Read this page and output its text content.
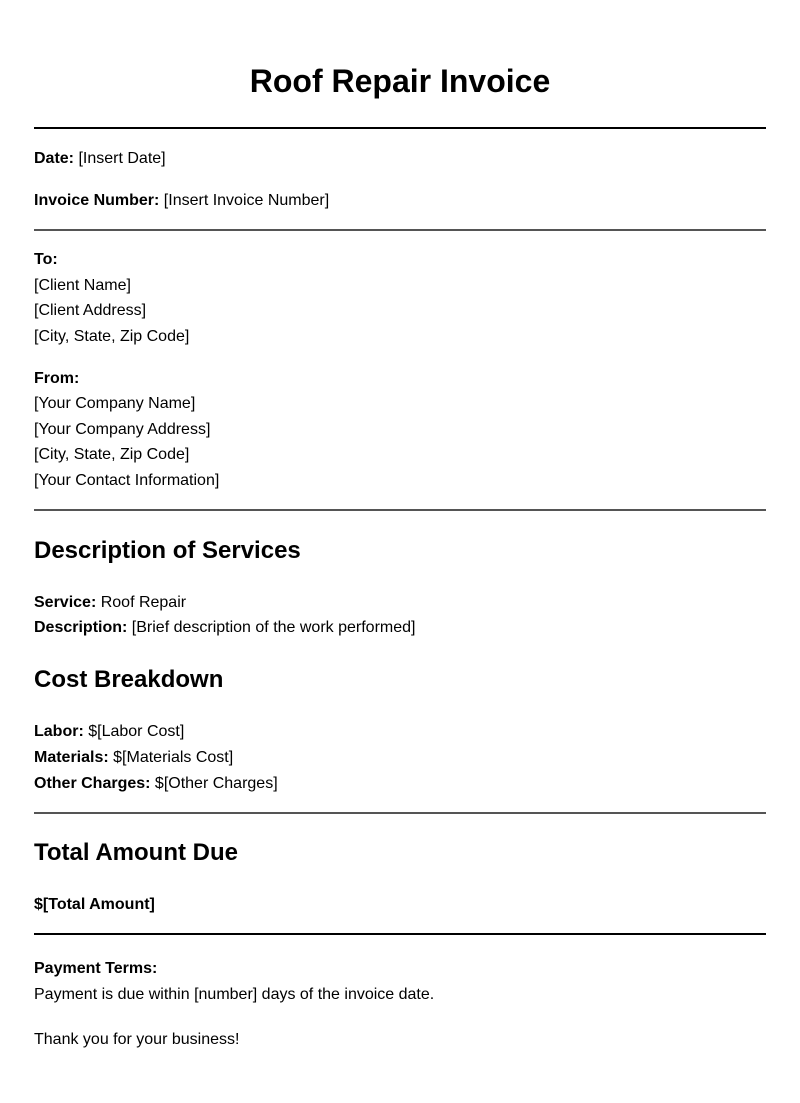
Roof Repair Invoice
Date: [Insert Date]
Invoice Number: [Insert Invoice Number]
To:
[Client Name]
[Client Address]
[City, State, Zip Code]
From:
[Your Company Name]
[Your Company Address]
[City, State, Zip Code]
[Your Contact Information]
Description of Services
Service: Roof Repair
Description: [Brief description of the work performed]
Cost Breakdown
Labor: $[Labor Cost]
Materials: $[Materials Cost]
Other Charges: $[Other Charges]
Total Amount Due
$[Total Amount]
Payment Terms:
Payment is due within [number] days of the invoice date.
Thank you for your business!
